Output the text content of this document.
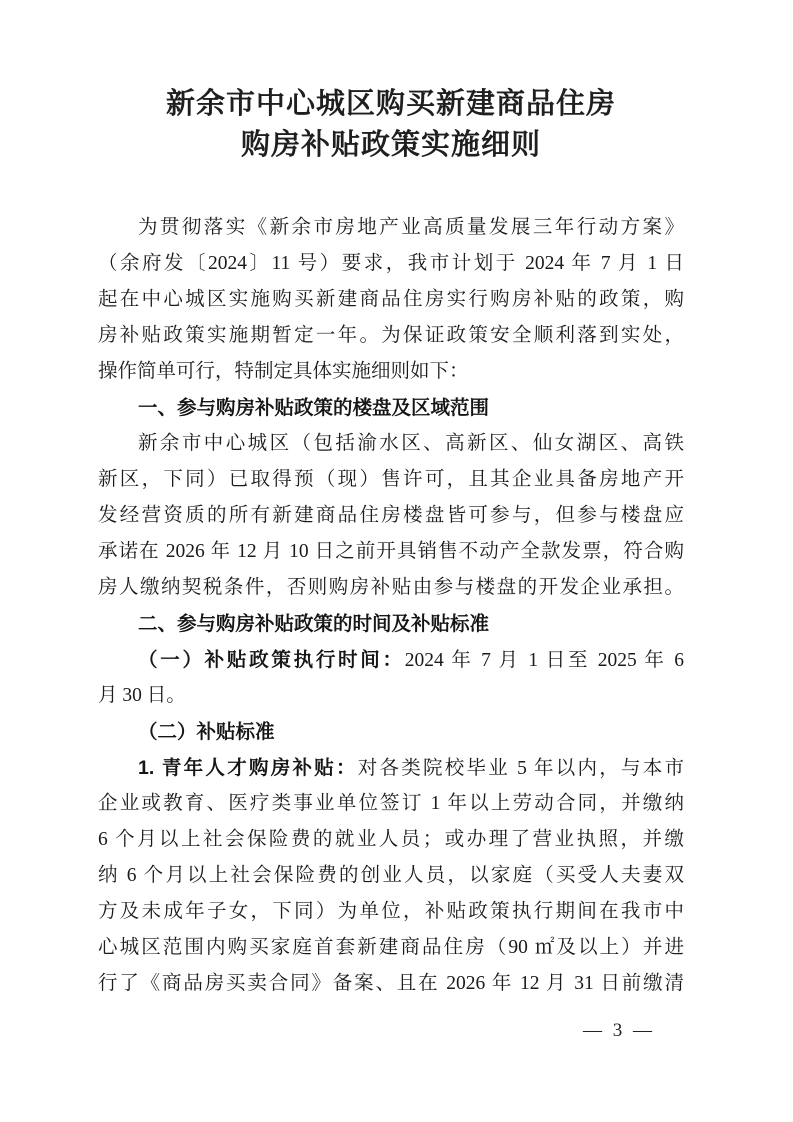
新余市中心城区购买新建商品住房
购房补贴政策实施细则
为贯彻落实《新余市房地产业高质量发展三年行动方案》
（余府发〔2024〕11 号）要求，我市计划于 2024 年 7 月 1 日
起在中心城区实施购买新建商品住房实行购房补贴的政策，购
房补贴政策实施期暂定一年。为保证政策安全顺利落到实处，
操作简单可行，特制定具体实施细则如下：
一、参与购房补贴政策的楼盘及区域范围
新余市中心城区（包括渝水区、高新区、仙女湖区、高铁
新区，下同）已取得预（现）售许可，且其企业具备房地产开
发经营资质的所有新建商品住房楼盘皆可参与，但参与楼盘应
承诺在 2026 年 12 月 10 日之前开具销售不动产全款发票，符合购
房人缴纳契税条件，否则购房补贴由参与楼盘的开发企业承担。
二、参与购房补贴政策的时间及补贴标准
（一）补贴政策执行时间：2024 年 7 月 1 日至 2025 年 6
月 30 日。
（二）补贴标准
1. 青年人才购房补贴：对各类院校毕业 5 年以内，与本市
企业或教育、医疗类事业单位签订 1 年以上劳动合同，并缴纳
6 个月以上社会保险费的就业人员；或办理了营业执照，并缴
纳 6 个月以上社会保险费的创业人员，以家庭（买受人夫妻双
方及未成年子女，下同）为单位，补贴政策执行期间在我市中
心城区范围内购买家庭首套新建商品住房（90 ㎡及以上）并进
行了《商品房买卖合同》备案、且在 2026 年 12 月 31 日前缴清
— 3 —
